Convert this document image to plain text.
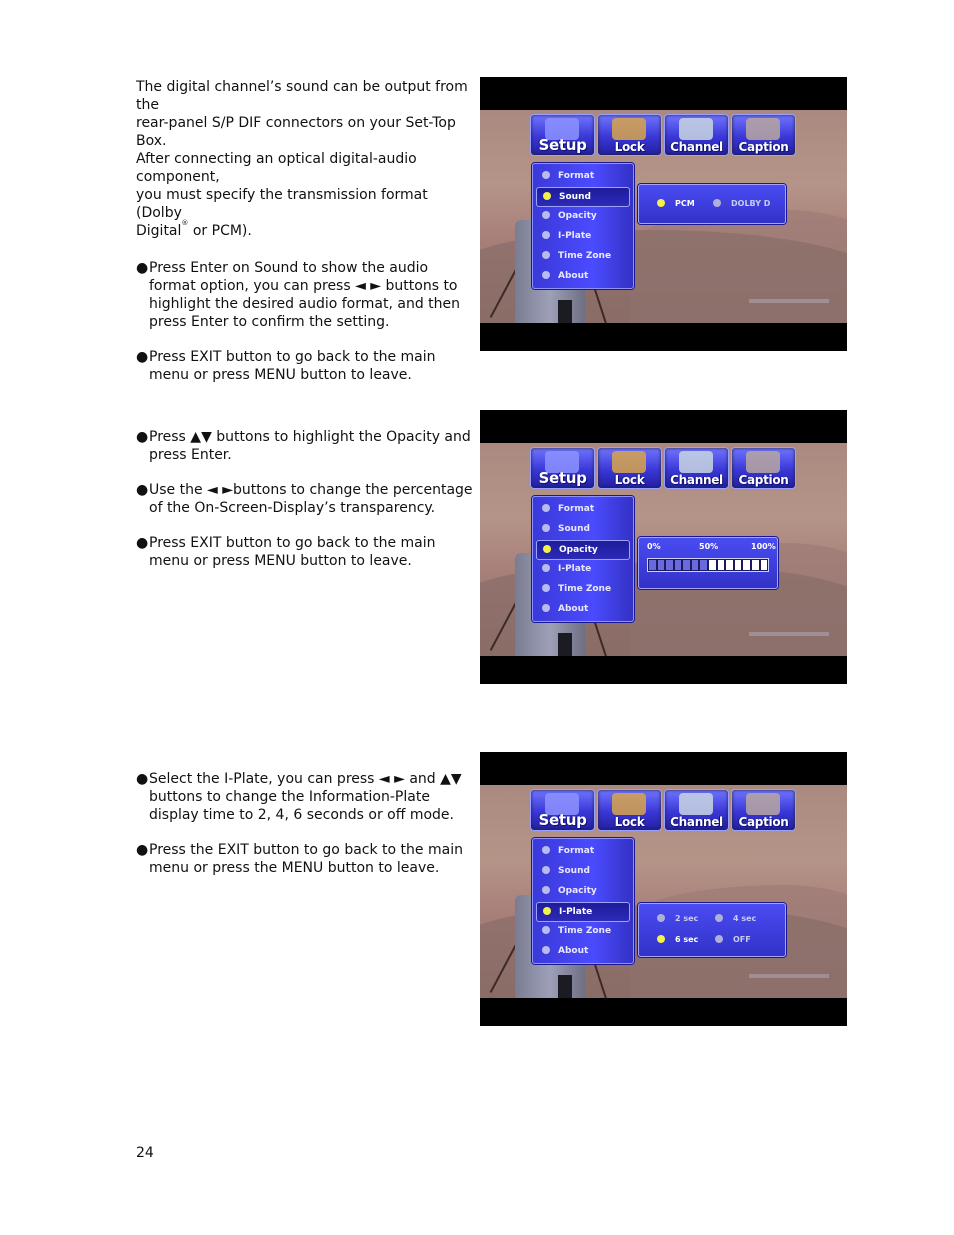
The digital channel’s sound can be output from the
rear-panel S/P DIF connectors on your Set-Top Box.
After connecting an optical digital-audio component,
you must specify the transmission format (Dolby
Digital® or PCM).

●Press Enter on Sound to show the audio format option, you can press ◄ ► buttons to highlight the desired audio format, and then press Enter to confirm the setting.

●Press EXIT button to go back to the main menu or press MENU button to leave.

●Press ▲▼ buttons to highlight the Opacity and press Enter.

●Use the ◄ ►buttons to change the percentage of the On-Screen-Display’s transparency.

●Press EXIT button to go back to the main menu or press MENU button to leave.

●Select the I-Plate, you can press ◄ ► and ▲▼ buttons to change the Information-Plate display time to 2, 4, 6 seconds or off mode.

●Press the EXIT button to go back to the main menu or press the MENU button to leave.

24
Setup	Lock	Channel	Caption
Format
Sound
Opacity
I-Plate
Time Zone
About
PCM	DOLBY D
Setup	Lock	Channel	Caption
Format
Sound
Opacity
I-Plate
Time Zone
About
0%	50%	100%
Setup	Lock	Channel	Caption
Format
Sound
Opacity
I-Plate
Time Zone
About
2 sec	4 sec
6 sec	OFF
